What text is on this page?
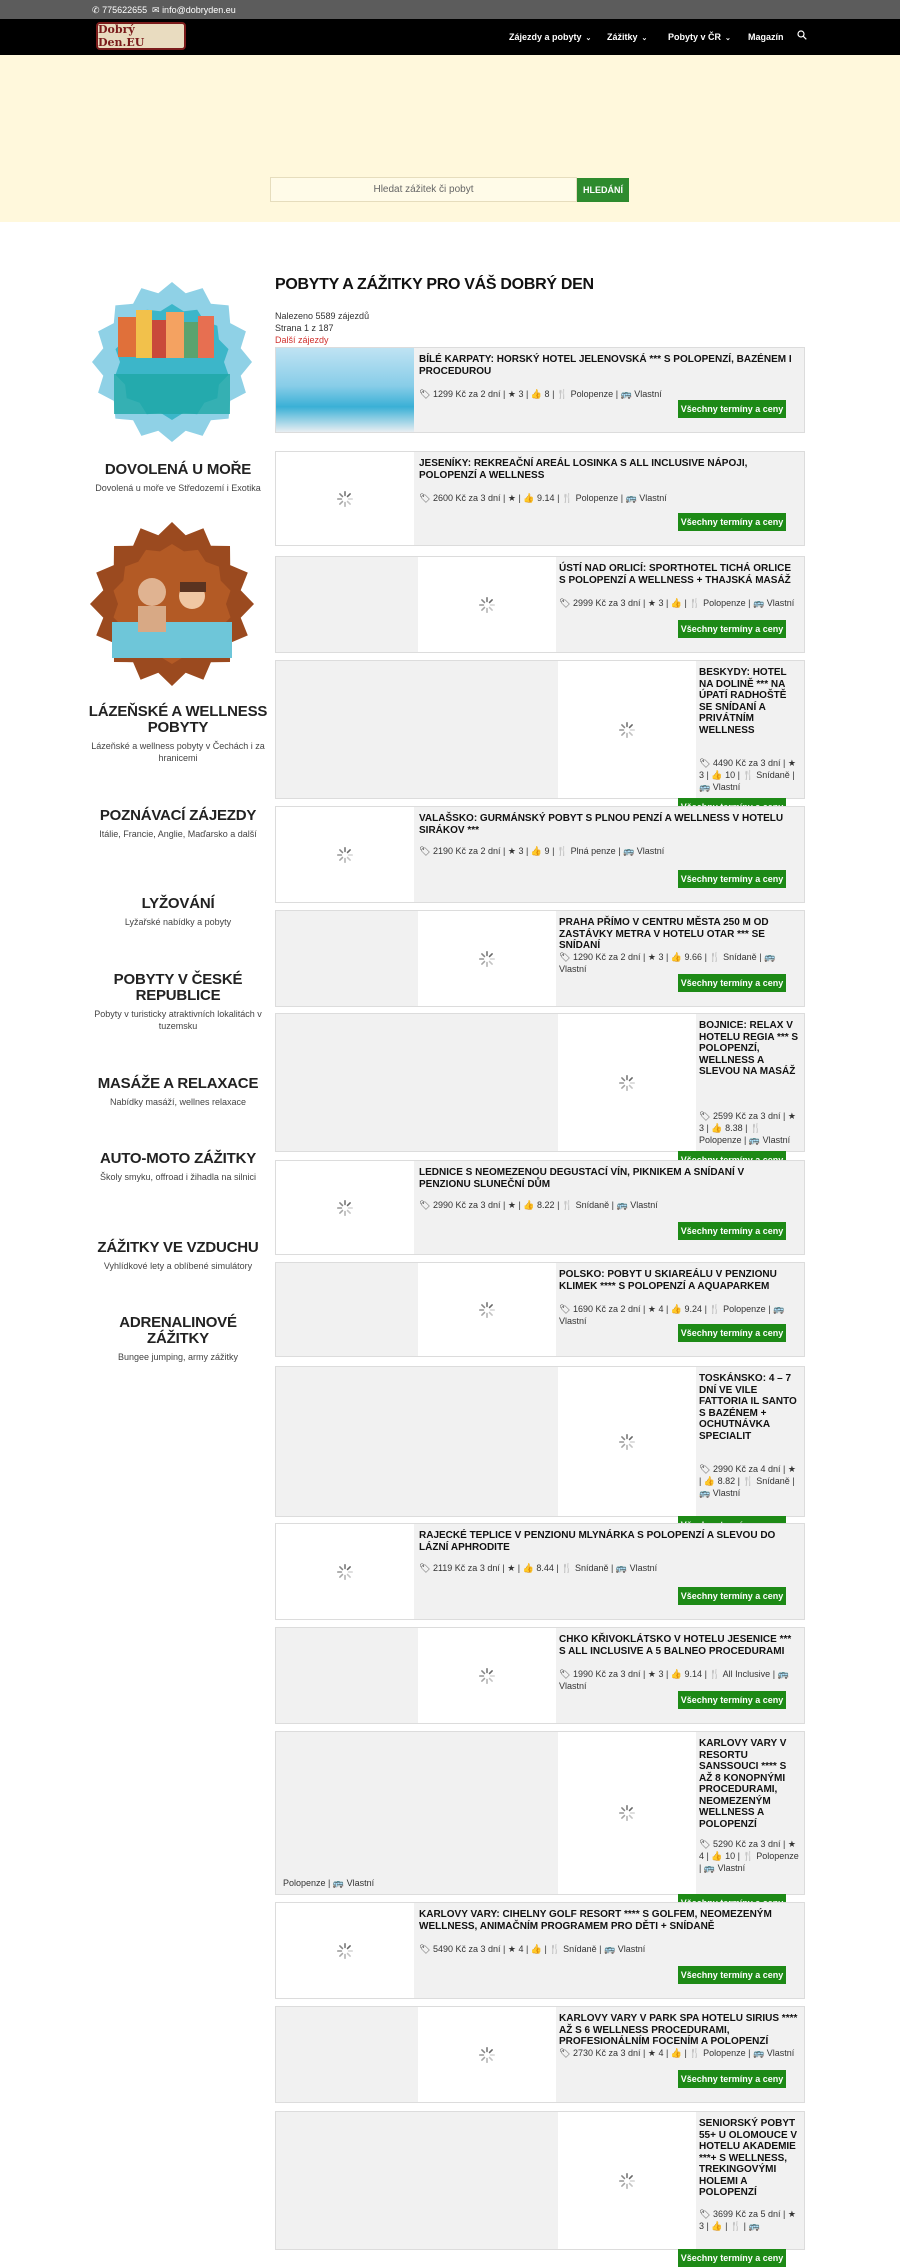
✆ 775622655 ✉ info@dobryden.eu
Dobrý Den.EU	Zájezdy a pobyty ⌄ Zážitky ⌄ Pobyty v ČR ⌄ Magazín
Hledat zážitek či pobyt	HLEDÁNÍ
DOVOLENÁ U MOŘE

Dovolená u moře ve Středozemí i Exotika

LÁZEŇSKÉ A WELLNESS POBYTY

Lázeňské a wellness pobyty v Čechách i za hranicemi

POZNÁVACÍ ZÁJEZDY

Itálie, Francie, Anglie, Maďarsko a další

LYŽOVÁNÍ

Lyžařské nabídky a pobyty

POBYTY V ČESKÉ REPUBLICE

Pobyty v turisticky atraktivních lokalitách v tuzemsku

MASÁŽE A RELAXACE

Nabídky masáží, wellnes relaxace

AUTO-MOTO ZÁŽITKY

Školy smyku, offroad i žihadla na silnici

ZÁŽITKY VE VZDUCHU

Vyhlídkové lety a oblíbené simulátory

ADRENALINOVÉ ZÁŽITKY

Bungee jumping, army zážitky

POBYTY A ZÁŽITKY PRO VÁŠ DOBRÝ DEN
Nalezeno 5589 zájezdů
Strana 1 z 187
Další zájezdy
BÍLÉ KARPATY: HORSKÝ HOTEL JELENOVSKÁ *** S POLOPENZÍ, BAZÉNEM I PROCEDUROU
🏷 1299 Kč za 2 dní | ★ 3 | 👍 8 | 🍴 Polopenze | 🚌 Vlastní
Všechny termíny a ceny
JESENÍKY: REKREAČNÍ AREÁL LOSINKA S ALL INCLUSIVE NÁPOJI, POLOPENZÍ A WELLNESS
🏷 2600 Kč za 3 dní | ★ | 👍 9.14 | 🍴 Polopenze | 🚌 Vlastní
Všechny termíny a ceny
ÚSTÍ NAD ORLICÍ: SPORTHOTEL TICHÁ ORLICE S POLOPENZÍ A WELLNESS + THAJSKÁ MASÁŽ
🏷 2999 Kč za 3 dní | ★ 3 | 👍 | 🍴 Polopenze | 🚌 Vlastní
Všechny termíny a ceny
BESKYDY: HOTEL NA DOLINĚ *** NA ÚPATÍ RADHOŠTĚ SE SNÍDANÍ A PRIVÁTNÍM WELLNESS
🏷 4490 Kč za 3 dní | ★ 3 | 👍 10 | 🍴 Snídaně | 🚌 Vlastní
VALAŠSKO: GURMÁNSKÝ POBYT S PLNOU PENZÍ A WELLNESS V HOTELU SIRÁKOV ***
🏷 2190 Kč za 2 dní | ★ 3 | 👍 9 | 🍴 Plná penze | 🚌 Vlastní
Všechny termíny a ceny
PRAHA PŘÍMO V CENTRU MĚSTA 250 M OD ZASTÁVKY METRA V HOTELU OTAR *** SE SNÍDANÍ
🏷 1290 Kč za 2 dní | ★ 3 | 👍 9.66 | 🍴 Snídaně | 🚌 Vlastní
Všechny termíny a ceny
BOJNICE: RELAX V HOTELU REGIA *** S POLOPENZÍ, WELLNESS A SLEVOU NA MASÁŽ
🏷 2599 Kč za 3 dní | ★ 3 | 👍 8.38 | 🍴 Polopenze | 🚌 Vlastní
LEDNICE S NEOMEZENOU DEGUSTACÍ VÍN, PIKNIKEM A SNÍDANÍ V PENZIONU SLUNEČNÍ DŮM
🏷 2990 Kč za 3 dní | ★ | 👍 8.22 | 🍴 Snídaně | 🚌 Vlastní
Všechny termíny a ceny
POLSKO: POBYT U SKIAREÁLU V PENZIONU KLIMEK **** S POLOPENZÍ A AQUAPARKEM
🏷 1690 Kč za 2 dní | ★ 4 | 👍 9.24 | 🍴 Polopenze | 🚌 Vlastní
Všechny termíny a ceny
TOSKÁNSKO: 4 – 7 DNÍ VE VILE FATTORIA IL SANTO S BAZÉNEM + OCHUTNÁVKA SPECIALIT
🏷 2990 Kč za 4 dní | ★ | 👍 8.82 | 🍴 Snídaně | 🚌 Vlastní
RAJECKÉ TEPLICE V PENZIONU MLYNÁRKA S POLOPENZÍ A SLEVOU DO LÁZNÍ APHRODITE
🏷 2119 Kč za 3 dní | ★ | 👍 8.44 | 🍴 Snídaně | 🚌 Vlastní
Všechny termíny a ceny
CHKO KŘIVOKLÁTSKO V HOTELU JESENICE *** S ALL INCLUSIVE A 5 BALNEO PROCEDURAMI
🏷 1990 Kč za 3 dní | ★ 3 | 👍 9.14 | 🍴 All Inclusive | 🚌 Vlastní
Všechny termíny a ceny
KARLOVY VARY V RESORTU SANSSOUCI **** S AŽ 8 KONOPNÝMI PROCEDURAMI, NEOMEZENÝM WELLNESS A POLOPENZÍ
🏷 5290 Kč za 3 dní | ★ 4 | 👍 10 | 🍴 Polopenze | 🚌 Vlastní
Polopenze | 🚌 Vlastní
KARLOVY VARY: CIHELNY GOLF RESORT **** S GOLFEM, NEOMEZENÝM WELLNESS, ANIMAČNÍM PROGRAMEM PRO DĚTI + SNÍDANĚ
🏷 5490 Kč za 3 dní | ★ 4 | 👍 | 🍴 Snídaně | 🚌 Vlastní
Všechny termíny a ceny
KARLOVY VARY V PARK SPA HOTELU SIRIUS **** AŽ S 6 WELLNESS PROCEDURAMI, PROFESIONÁLNÍM FOCENÍM A POLOPENZÍ
🏷 2730 Kč za 3 dní | ★ 4 | 👍 | 🍴 Polopenze | 🚌 Vlastní
Všechny termíny a ceny
SENIORSKÝ POBYT 55+ U OLOMOUCE V HOTELU AKADEMIE ***+ S WELLNESS, TREKINGOVÝMI HOLEMI A POLOPENZÍ
🏷 3699 Kč za 5 dní | ★ 3 | 👍 | 🍴 | 🚌
Všechny termíny a ceny
